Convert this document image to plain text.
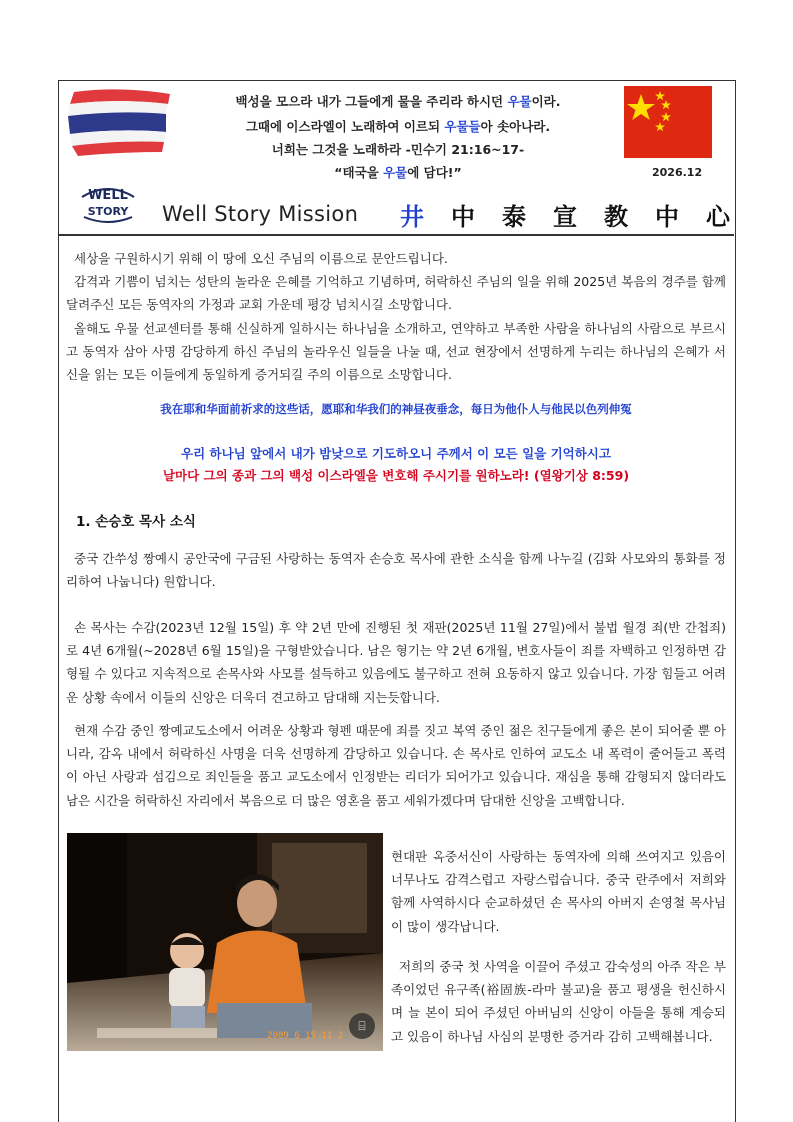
백성을 모으라 내가 그들에게 물을 주리라 하시던 우물이라.
그때에 이스라엘이 노래하여 이르되 우물들아 솟아나라.
너희는 그것을 노래하라 -민수기 21:16~17-
“태국을 우물에 담다!”	2026.12
WELL
STORY Well Story Mission 井 中 泰 宣 教 中 心
세상을 구원하시기 위해 이 땅에 오신 주님의 이름으로 문안드립니다.
감격과 기쁨이 넘치는 성탄의 놀라운 은혜를 기억하고 기념하며, 허락하신 주님의 일을 위해 2025년 복음의 경주를 함께 달려주신 모든 동역자의 가정과 교회 가운데 평강 넘치시길 소망합니다.
올해도 우물 선교센터를 통해 신실하게 일하시는 하나님을 소개하고, 연약하고 부족한 사람을 하나님의 사람으로 부르시고 동역자 삼아 사명 감당하게 하신 주님의 놀라우신 일들을 나눌 때, 선교 현장에서 선명하게 누리는 하나님의 은혜가 서신을 읽는 모든 이들에게 동일하게 증거되길 주의 이름으로 소망합니다.
我在耶和华面前祈求的这些话，愿耶和华我们的神昼夜垂念，每日为他仆人与他民以色列伸冤
우리 하나님 앞에서 내가 밤낮으로 기도하오니 주께서 이 모든 일을 기억하시고
날마다 그의 종과 그의 백성 이스라엘을 변호해 주시기를 원하노라! (열왕기상 8:59)
1. 손승호 목사 소식
중국 간쑤성 짱예시 공안국에 구금된 사랑하는 동역자 손승호 목사에 관한 소식을 함께 나누길 (김화 사모와의 통화를 정리하여 나눕니다) 원합니다.
손 목사는 수감(2023년 12월 15일) 후 약 2년 만에 진행된 첫 재판(2025년 11월 27일)에서 불법 월경 죄(반 간첩죄)로 4년 6개월(~2028년 6월 15일)을 구형받았습니다. 남은 형기는 약 2년 6개월, 변호사들이 죄를 자백하고 인정하면 감형될 수 있다고 지속적으로 손목사와 사모를 설득하고 있음에도 불구하고 전혀 요동하지 않고 있습니다. 가장 힘들고 어려운 상황 속에서 이들의 신앙은 더욱더 견고하고 담대해 지는듯합니다.
현재 수감 중인 짱예교도소에서 어려운 상황과 형펜 때문에 죄를 짓고 복역 중인 젊은 친구들에게 좋은 본이 되어줄 뿐 아니라, 감옥 내에서 허락하신 사명을 더욱 선명하게 감당하고 있습니다. 손 목사로 인하여 교도소 내 폭력이 줄어들고 폭력이 아닌 사랑과 섬김으로 죄인들을 품고 교도소에서 인정받는 리더가 되어가고 있습니다. 재심을 통해 감형되지 않더라도 남은 시간을 허락하신 자리에서 복음으로 더 많은 영혼을 품고 세워가겠다며 담대한 신앙을 고백합니다.
2009 6 15 11 2
⌸
현대판 옥중서신이 사랑하는 동역자에 의해 쓰여지고 있음이 너무나도 감격스럽고 자랑스럽습니다. 중국 란주에서 저희와 함께 사역하시다 순교하셨던 손 목사의 아버지 손영철 목사님이 많이 생각납니다.
저희의 중국 첫 사역을 이끌어 주셨고 감숙성의 아주 작은 부족이었던 유구족(裕固族-라마 불교)을 품고 평생을 헌신하시며 늘 본이 되어 주셨던 아버님의 신앙이 아들을 통해 계승되고 있음이 하나님 사심의 분명한 증거라 감히 고백해봅니다.
